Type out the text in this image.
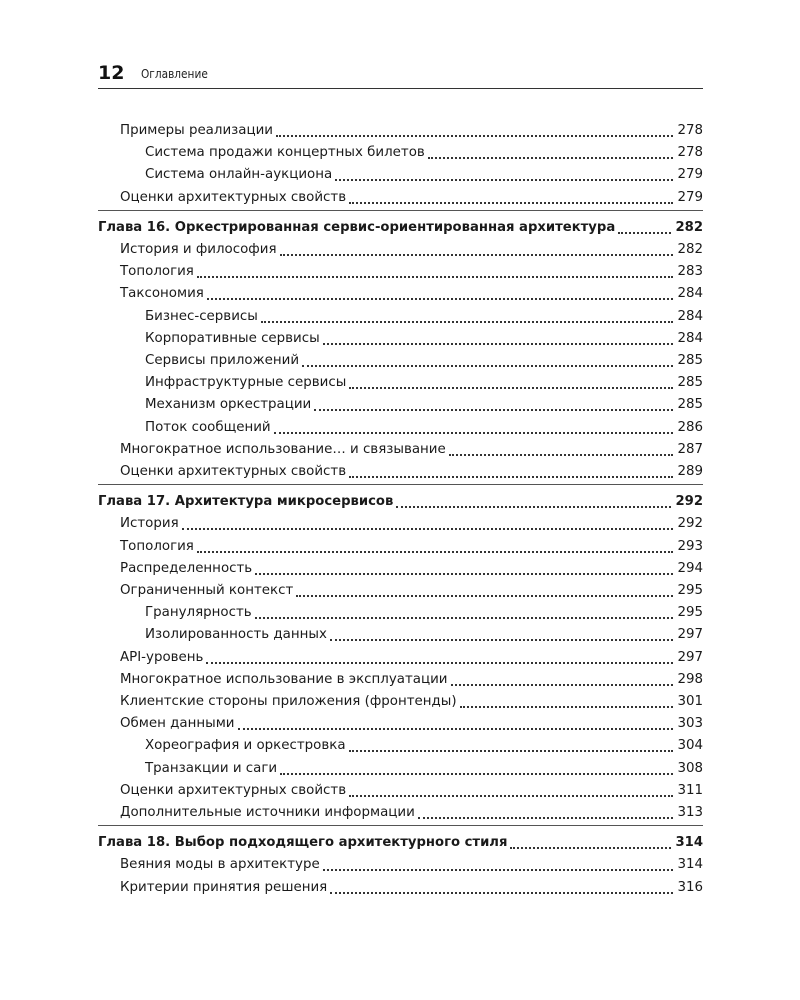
12 Оглавление
Примеры реализации	278
Система продажи концертных билетов	278
Система онлайн-аукциона	279
Оценки архитектурных свойств	279
Глава 16. Оркестрированная сервис-ориентированная архитектура	282
История и философия	282
Топология	283
Таксономия	284
Бизнес-сервисы	284
Корпоративные сервисы	284
Сервисы приложений	285
Инфраструктурные сервисы	285
Механизм оркестрации	285
Поток сообщений	286
Многократное использование… и связывание	287
Оценки архитектурных свойств	289
Глава 17. Архитектура микросервисов	292
История	292
Топология	293
Распределенность	294
Ограниченный контекст	295
Гранулярность	295
Изолированность данных	297
API-уровень	297
Многократное использование в эксплуатации	298
Клиентские стороны приложения (фронтенды)	301
Обмен данными	303
Хореография и оркестровка	304
Транзакции и саги	308
Оценки архитектурных свойств	311
Дополнительные источники информации	313
Глава 18. Выбор подходящего архитектурного стиля	314
Веяния моды в архитектуре	314
Критерии принятия решения	316
